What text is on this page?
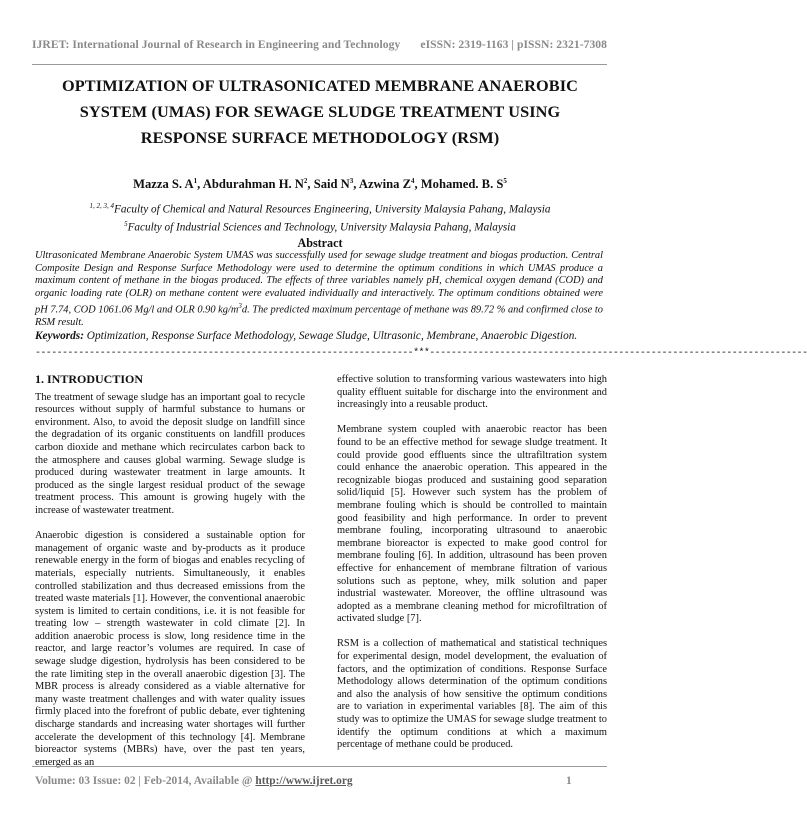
IJRET: International Journal of Research in Engineering and Technology eISSN: 2319-1163 | pISSN: 2321-7308
OPTIMIZATION OF ULTRASONICATED MEMBRANE ANAEROBIC SYSTEM (UMAS) FOR SEWAGE SLUDGE TREATMENT USING RESPONSE SURFACE METHODOLOGY (RSM)
Mazza S. $A^1$, Abdurahman H. $N^2$, Said $N^3$, Azwina $Z^4$, Mohamed. B. $S^5$
$^{1, 2, 3, 4}$Faculty of Chemical and Natural Resources Engineering, University Malaysia Pahang, Malaysia
$^5$Faculty of Industrial Sciences and Technology, University Malaysia Pahang, Malaysia
Abstract
Ultrasonicated Membrane Anaerobic System UMAS was successfully used for sewage sludge treatment and biogas production. Central Composite Design and Response Surface Methodology were used to determine the optimum conditions in which UMAS produce a maximum content of methane in the biogas produced. The effects of three variables namely pH, chemical oxygen demand (COD) and organic loading rate (OLR) on methane content were evaluated individually and interactively. The optimum conditions obtained were pH 7.74, COD 1061.06 Mg/l and OLR 0.90 $kg/m^3d$. The predicted maximum percentage of methane was 89.72 % and confirmed close to RSM result.
Keywords: Optimization, Response Surface Methodology, Sewage Sludge, Ultrasonic, Membrane, Anaerobic Digestion.
----------------------------------------------------------------------***----------------------------------------------------------------------
1. INTRODUCTION

The treatment of sewage sludge has an important goal to recycle resources without supply of harmful substance to humans or environment. Also, to avoid the deposit sludge on landfill since the degradation of its organic constituents on landfill produces carbon dioxide and methane which recirculates carbon back to the atmosphere and causes global warming. Sewage sludge is produced during wastewater treatment in large amounts. It produced as the single largest residual product of the sewage treatment process. This amount is growing hugely with the increase of wastewater treatment.

Anaerobic digestion is considered a sustainable option for management of organic waste and by-products as it produce renewable energy in the form of biogas and enables recycling of materials, especially nutrients. Simultaneously, it enables controlled stabilization and thus decreased emissions from the treated waste materials [1]. However, the conventional anaerobic system is limited to certain conditions, i.e. it is not feasible for treating low – strength wastewater in cold climate [2]. In addition anaerobic process is slow, long residence time in the reactor, and large reactor’s volumes are required. In case of sewage sludge digestion, hydrolysis has been considered to be the rate limiting step in the overall anaerobic digestion [3]. The MBR process is already considered as a viable alternative for many waste treatment challenges and with water quality issues firmly placed into the forefront of public debate, ever tightening discharge standards and increasing water shortages will further accelerate the development of this technology [4]. Membrane bioreactor systems (MBRs) have, over the past ten years, emerged as an

effective solution to transforming various wastewaters into high quality effluent suitable for discharge into the environment and increasingly into a reusable product.

Membrane system coupled with anaerobic reactor has been found to be an effective method for sewage sludge treatment. It could provide good effluents since the ultrafiltration system could enhance the anaerobic operation. This appeared in the recognizable biogas produced and sustaining good separation solid/liquid [5]. However such system has the problem of membrane fouling which is should be controlled to maintain good feasibility and high performance. In order to prevent membrane fouling, incorporating ultrasound to anaerobic membrane bioreactor is expected to make good control for membrane fouling [6]. In addition, ultrasound has been proven effective for enhancement of membrane filtration of various solutions such as peptone, whey, milk solution and paper industrial wastewater. Moreover, the offline ultrasound was adopted as a membrane cleaning method for microfiltration of activated sludge [7].

RSM is a collection of mathematical and statistical techniques for experimental design, model development, the evaluation of factors, and the optimization of conditions. Response Surface Methodology allows determination of the optimum conditions and also the analysis of how sensitive the optimum conditions are to variation in experimental variables [8]. The aim of this study was to optimize the UMAS for sewage sludge treatment to identify the optimum conditions at which a maximum percentage of methane could be produced.

Volume: 03 Issue: 02 | Feb-2014, Available @ http://www.ijret.org	1
